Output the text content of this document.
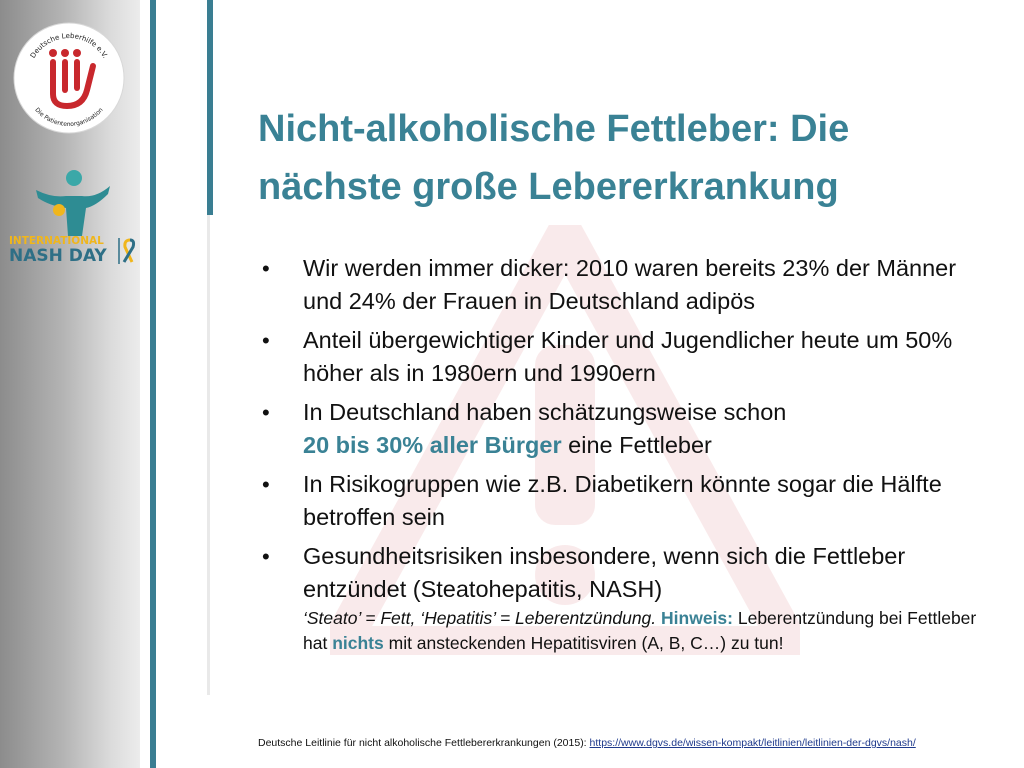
Deutsche Leberhilfe e.V.
Die Patientenorganisation
INTERNATIONAL
NASH DAY
Nicht-alkoholische Fettleber: Die
nächste große Lebererkrankung
• Wir werden immer dicker: 2010 waren bereits 23% der Männer und 24% der Frauen in Deutschland adipös
• Anteil übergewichtiger Kinder und Jugendlicher heute um 50% höher als in 1980ern und 1990ern
• In Deutschland haben schätzungsweise schon
20 bis 30% aller Bürger eine Fettleber
• In Risikogruppen wie z.B. Diabetikern könnte sogar die Hälfte betroffen sein
• Gesundheitsrisiken insbesondere, wenn sich die Fettleber entzündet (Steatohepatitis, NASH)
‘Steato’ = Fett, ‘Hepatitis’ = Leberentzündung. Hinweis: Leberentzündung bei Fettleber hat nichts mit ansteckenden Hepatitisviren (A, B, C…) zu tun!
Deutsche Leitlinie für nicht alkoholische Fettlebererkrankungen (2015): https://www.dgvs.de/wissen-kompakt/leitlinien/leitlinien-der-dgvs/nash/
